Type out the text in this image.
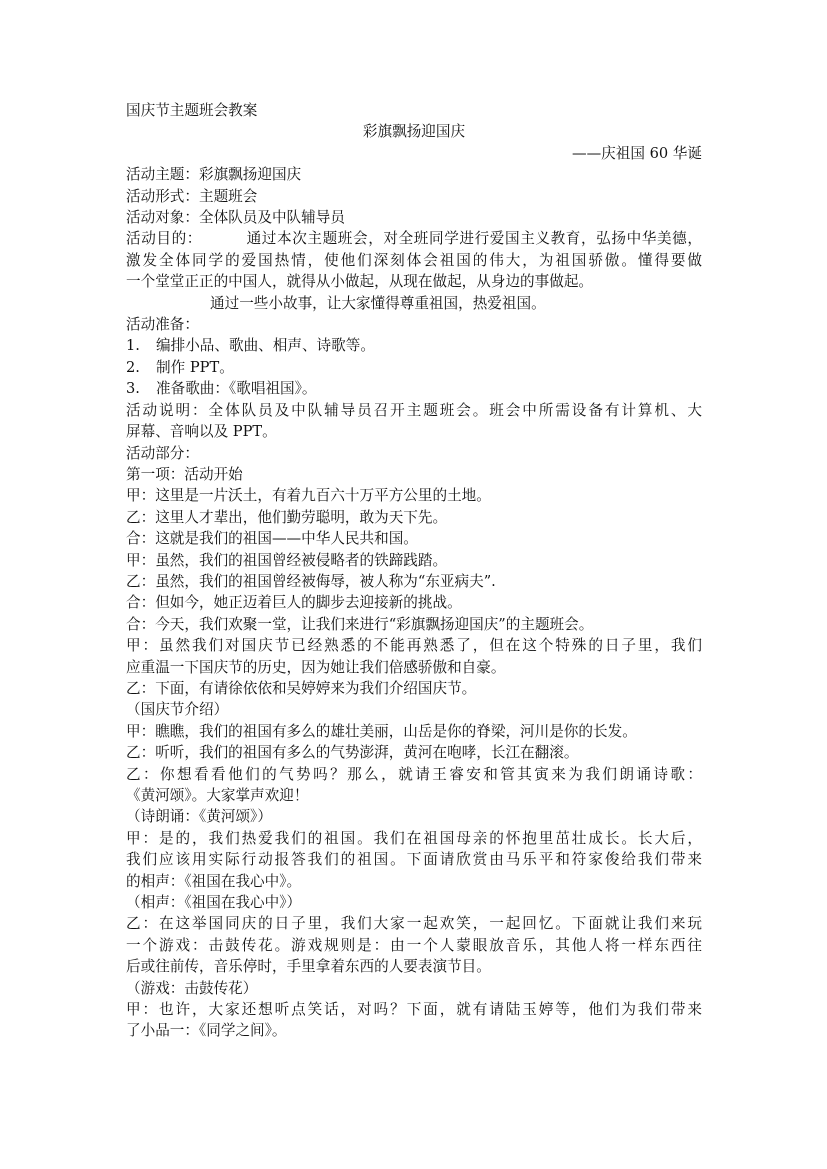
国庆节主题班会教案
彩旗飘扬迎国庆
——庆祖国 60 华诞
活动主题：彩旗飘扬迎国庆
活动形式：主题班会
活动对象：全体队员及中队辅导员
活动目的：	通过本次主题班会，对全班同学进行爱国主义教育，弘扬中华美德，
激发全体同学的爱国热情，使他们深刻体会祖国的伟大，为祖国骄傲。懂得要做
一个堂堂正正的中国人，就得从小做起，从现在做起，从身边的事做起。
通过一些小故事，让大家懂得尊重祖国，热爱祖国。
活动准备：
1. 编排小品、歌曲、相声、诗歌等。
2. 制作 PPT。
3. 准备歌曲：《歌唱祖国》。
活动说明：全体队员及中队辅导员召开主题班会。班会中所需设备有计算机、大
屏幕、音响以及 PPT。
活动部分：
第一项：活动开始
甲：这里是一片沃土，有着九百六十万平方公里的土地。
乙：这里人才辈出，他们勤劳聪明，敢为天下先。
合：这就是我们的祖国——中华人民共和国。
甲：虽然，我们的祖国曾经被侵略者的铁蹄践踏。
乙：虽然，我们的祖国曾经被侮辱，被人称为“东亚病夫”.
合：但如今，她正迈着巨人的脚步去迎接新的挑战。
合：今天，我们欢聚一堂，让我们来进行“彩旗飘扬迎国庆”的主题班会。
甲：虽然我们对国庆节已经熟悉的不能再熟悉了，但在这个特殊的日子里，我们
应重温一下国庆节的历史，因为她让我们倍感骄傲和自豪。
乙：下面，有请徐依依和吴婷婷来为我们介绍国庆节。
（国庆节介绍）
甲：瞧瞧，我们的祖国有多么的雄壮美丽，山岳是你的脊梁，河川是你的长发。
乙：听听，我们的祖国有多么的气势澎湃，黄河在咆哮，长江在翻滚。
乙：你想看看他们的气势吗？那么，就请王睿安和管其寅来为我们朗诵诗歌：
《黄河颂》。大家掌声欢迎！
（诗朗诵：《黄河颂》）
甲：是的，我们热爱我们的祖国。我们在祖国母亲的怀抱里茁壮成长。长大后，
我们应该用实际行动报答我们的祖国。下面请欣赏由马乐平和符家俊给我们带来
的相声：《祖国在我心中》。
（相声：《祖国在我心中》）
乙：在这举国同庆的日子里，我们大家一起欢笑，一起回忆。下面就让我们来玩
一个游戏：击鼓传花。游戏规则是：由一个人蒙眼放音乐，其他人将一样东西往
后或往前传，音乐停时，手里拿着东西的人要表演节目。
（游戏：击鼓传花）
甲：也许，大家还想听点笑话，对吗？下面，就有请陆玉婷等，他们为我们带来
了小品一：《同学之间》。
